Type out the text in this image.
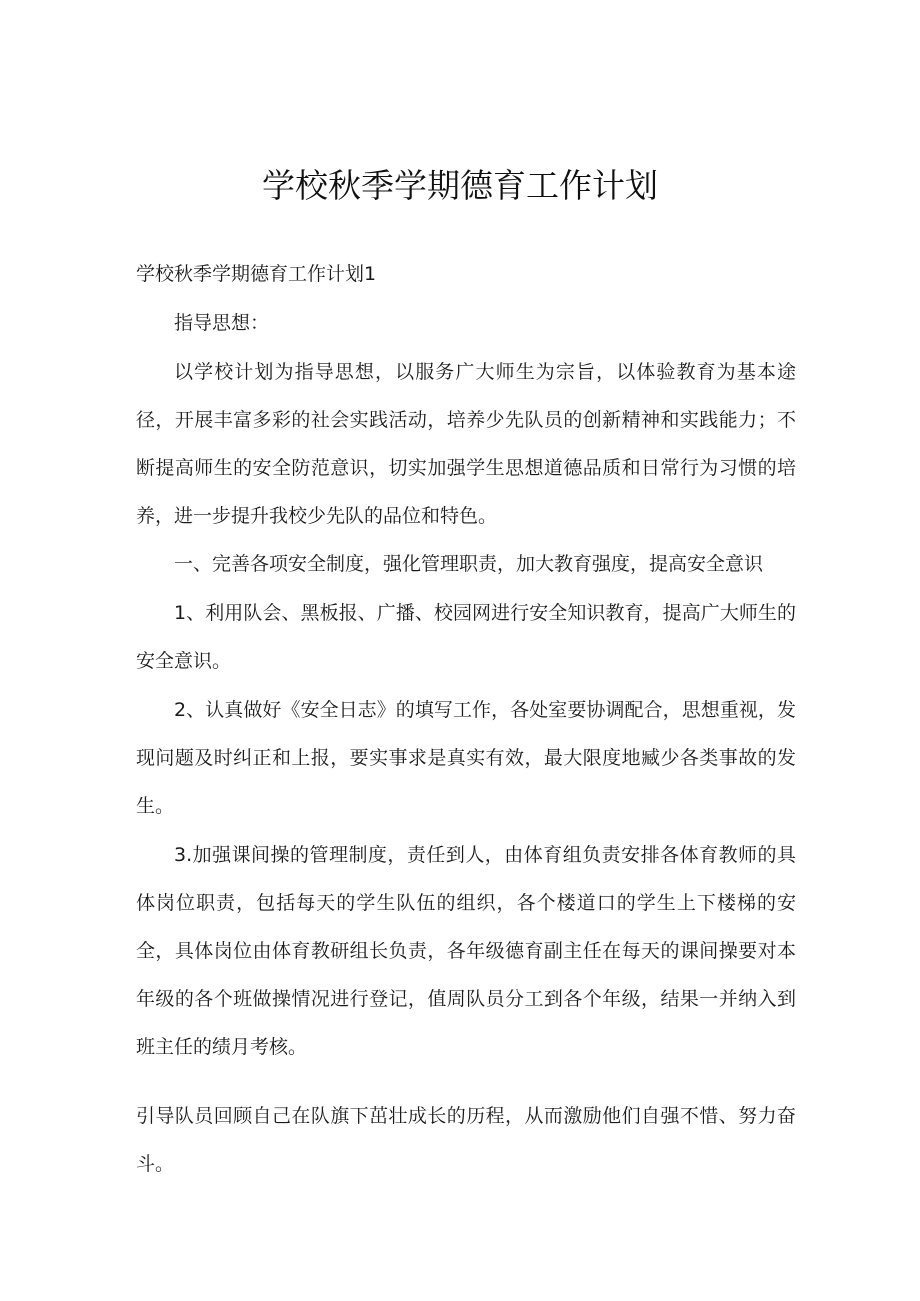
学校秋季学期德育工作计划
学校秋季学期德育工作计划1

指导思想：

以学校计划为指导思想，以服务广大师生为宗旨，以体验教育为基本途径，开展丰富多彩的社会实践活动，培养少先队员的创新精神和实践能力；不断提高师生的安全防范意识，切实加强学生思想道德品质和日常行为习惯的培养，进一步提升我校少先队的品位和特色。

一、完善各项安全制度，强化管理职责，加大教育强度，提高安全意识

1、利用队会、黑板报、广播、校园网进行安全知识教育，提高广大师生的安全意识。

2、认真做好《安全日志》的填写工作，各处室要协调配合，思想重视，发现问题及时纠正和上报，要实事求是真实有效，最大限度地臧少各类事故的发生。

3.加强课间操的管理制度，责任到人，由体育组负责安排各体育教师的具体岗位职责，包括每天的学生队伍的组织，各个楼道口的学生上下楼梯的安全，具体岗位由体育教研组长负责，各年级德育副主任在每天的课间操要对本年级的各个班做操情况进行登记，值周队员分工到各个年级，结果一并纳入到班主任的绩月考核。

引导队员回顾自己在队旗下茁壮成长的历程，从而激励他们自强不惜、努力奋斗。
